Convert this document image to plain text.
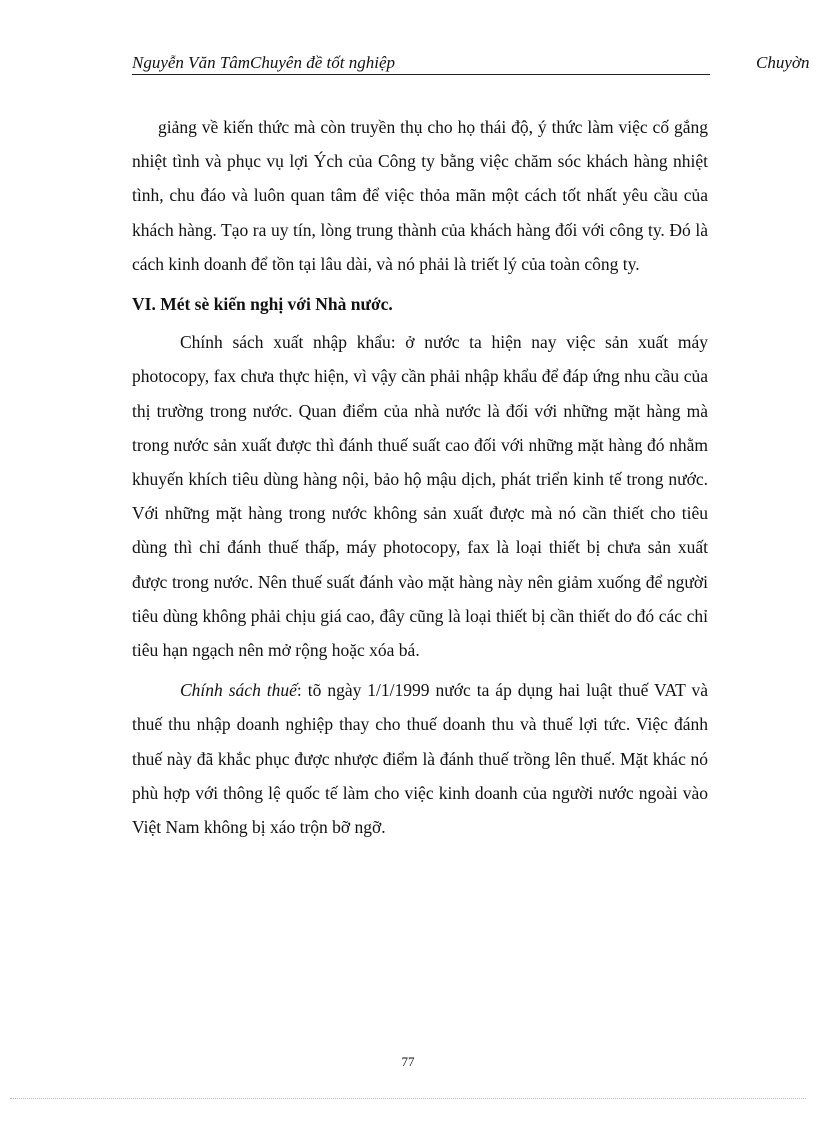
Nguyễn Văn TâmChuyên đề tốt nghiệp	Chuyờn

giảng về kiến thức mà còn truyền thụ cho họ thái độ, ý thức làm việc cố gắng nhiệt tình và phục vụ lợi Ých của Công ty bằng việc chăm sóc khách hàng nhiệt tình, chu đáo và luôn quan tâm để việc thỏa mãn một cách tốt nhất yêu cầu của khách hàng. Tạo ra uy tín, lòng trung thành của khách hàng đối với công ty. Đó là cách kinh doanh để tồn tại lâu dài, và nó phải là triết lý của toàn công ty.

VI. Mét sè kiến nghị với Nhà nước.

Chính sách xuất nhập khẩu: ở nước ta hiện nay việc sản xuất máy photocopy, fax chưa thực hiện, vì vậy cần phải nhập khẩu để đáp ứng nhu cầu của thị trường trong nước. Quan điểm của nhà nước là đối với những mặt hàng mà trong nước sản xuất được thì đánh thuế suất cao đối với những mặt hàng đó nhằm khuyến khích tiêu dùng hàng nội, bảo hộ mậu dịch, phát triển kinh tế trong nước. Với những mặt hàng trong nước không sản xuất được mà nó cần thiết cho tiêu dùng thì chỉ đánh thuế thấp, máy photocopy, fax là loại thiết bị chưa sản xuất được trong nước. Nên thuế suất đánh vào mặt hàng này nên giảm xuống để người tiêu dùng không phải chịu giá cao, đây cũng là loại thiết bị cần thiết do đó các chỉ tiêu hạn ngạch nên mở rộng hoặc xóa bá.

Chính sách thuế: tõ ngày 1/1/1999 nước ta áp dụng hai luật thuế VAT và thuế thu nhập doanh nghiệp thay cho thuế doanh thu và thuế lợi tức. Việc đánh thuế này đã khắc phục được nhược điểm là đánh thuế trồng lên thuế. Mặt khác nó phù hợp với thông lệ quốc tế làm cho việc kinh doanh của người nước ngoài vào Việt Nam không bị xáo trộn bỡ ngỡ.

77
